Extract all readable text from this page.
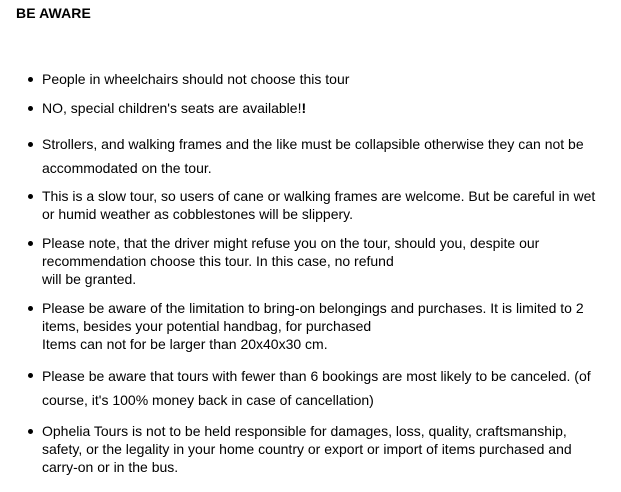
BE AWARE
People in wheelchairs should not choose this tour
NO, special children's seats are available!!
Strollers, and walking frames and the like must be collapsible otherwise they can not be
accommodated on the tour.
This is a slow tour, so users of cane or walking frames are welcome. But be careful in wet
or humid weather as cobblestones will be slippery.
Please note, that the driver might refuse you on the tour, should you, despite our
recommendation choose this tour. In this case, no refund
will be granted.
Please be aware of the limitation to bring-on belongings and purchases. It is limited to 2
items, besides your potential handbag, for purchased
Items can not for be larger than 20x40x30 cm.
Please be aware that tours with fewer than 6 bookings are most likely to be canceled. (of
course, it's 100% money back in case of cancellation)
Ophelia Tours is not to be held responsible for damages, loss, quality, craftsmanship,
safety, or the legality in your home country or export or import of items purchased and
carry-on or in the bus.
